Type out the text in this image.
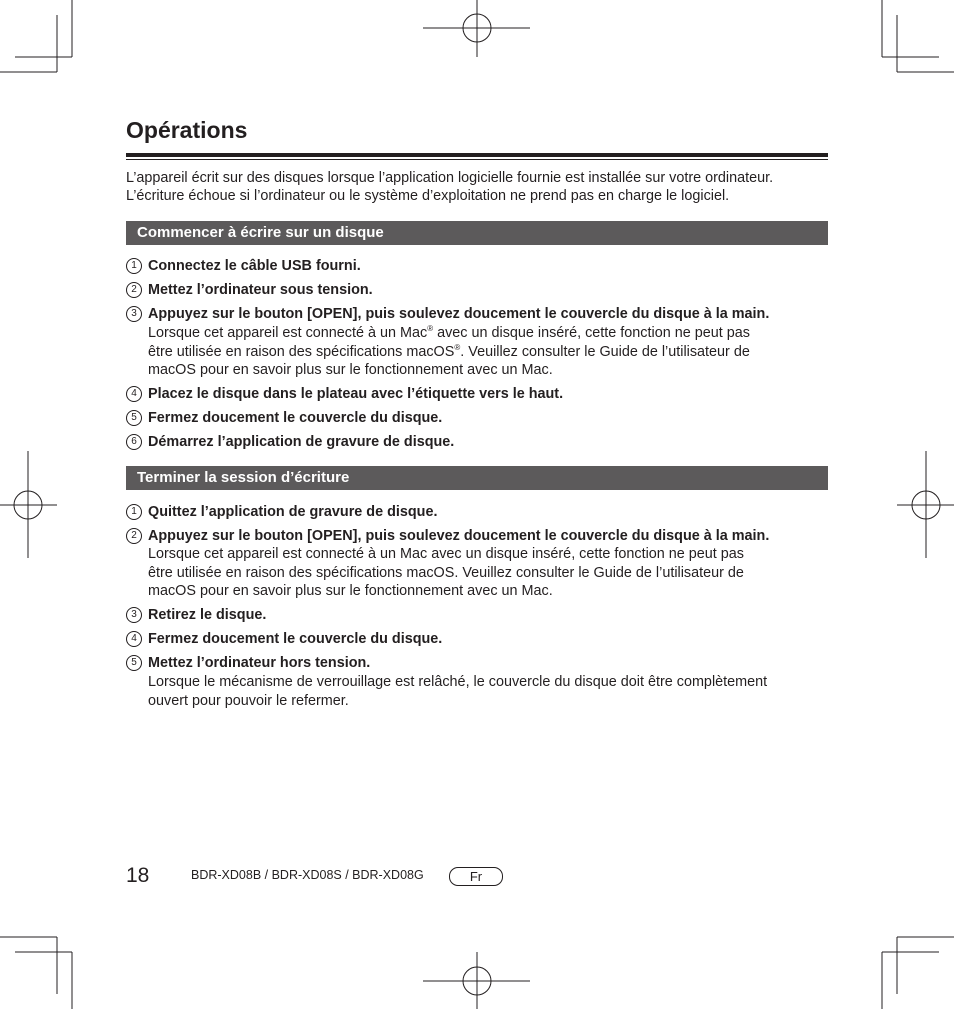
Opérations

L’appareil écrit sur des disques lorsque l’application logicielle fournie est installée sur votre ordinateur.

L’écriture échoue si l’ordinateur ou le système d’exploitation ne prend pas en charge le logiciel.

Commencer à écrire sur un disque
1 Connectez le câble USB fourni.
2 Mettez l’ordinateur sous tension.
3 Appuyez sur le bouton [OPEN], puis soulevez doucement le couvercle du disque à la main.
Lorsque cet appareil est connecté à un Mac® avec un disque inséré, cette fonction ne peut pas
être utilisée en raison des spécifications macOS®. Veuillez consulter le Guide de l’utilisateur de
macOS pour en savoir plus sur le fonctionnement avec un Mac.
4 Placez le disque dans le plateau avec l’étiquette vers le haut.
5 Fermez doucement le couvercle du disque.
6 Démarrez l’application de gravure de disque.
Terminer la session d’écriture
1 Quittez l’application de gravure de disque.
2 Appuyez sur le bouton [OPEN], puis soulevez doucement le couvercle du disque à la main.
Lorsque cet appareil est connecté à un Mac avec un disque inséré, cette fonction ne peut pas
être utilisée en raison des spécifications macOS. Veuillez consulter le Guide de l’utilisateur de
macOS pour en savoir plus sur le fonctionnement avec un Mac.
3 Retirez le disque.
4 Fermez doucement le couvercle du disque.
5 Mettez l’ordinateur hors tension.
Lorsque le mécanisme de verrouillage est relâché, le couvercle du disque doit être complètement
ouvert pour pouvoir le refermer.
18	BDR-XD08B / BDR-XD08S / BDR-XD08G	Fr
